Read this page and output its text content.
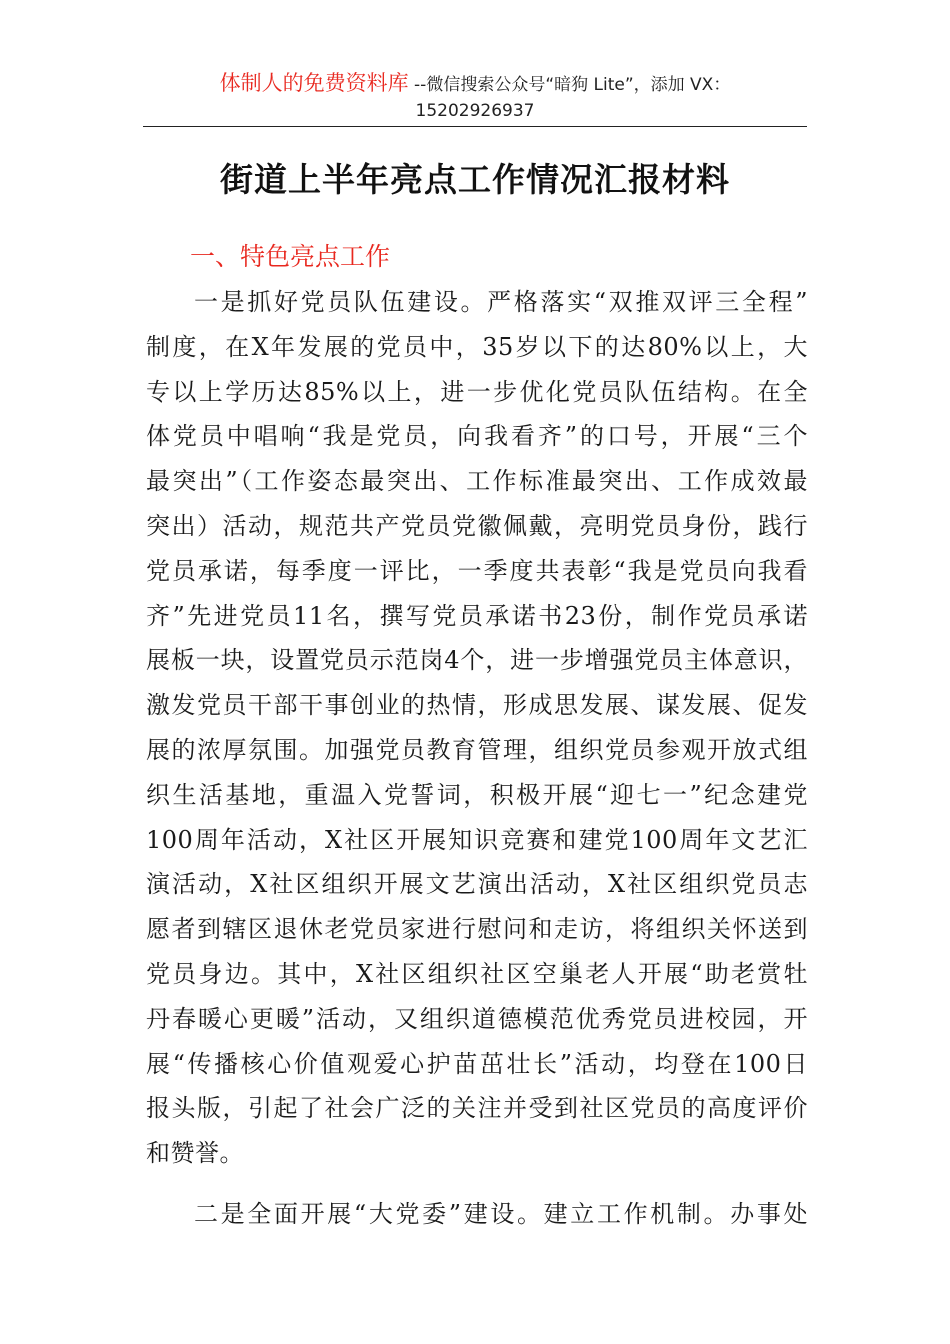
体制人的免费资料库 --微信搜索公众号“暗狗 Lite”，添加 VX：
15202926937
街道上半年亮点工作情况汇报材料
一、特色亮点工作
一是抓好党员队伍建设。严格落实“双推双评三全程”
制度，在X年发展的党员中，35岁以下的达80%以上，大
专以上学历达85%以上，进一步优化党员队伍结构。在全
体党员中唱响“我是党员，向我看齐”的口号，开展“三个
最突出”（工作姿态最突出、工作标准最突出、工作成效最
突出）活动，规范共产党员党徽佩戴，亮明党员身份，践行
党员承诺，每季度一评比，一季度共表彰“我是党员向我看
齐”先进党员11名，撰写党员承诺书23份，制作党员承诺
展板一块，设置党员示范岗4个，进一步增强党员主体意识，
激发党员干部干事创业的热情，形成思发展、谋发展、促发
展的浓厚氛围。加强党员教育管理，组织党员参观开放式组
织生活基地，重温入党誓词，积极开展“迎七一”纪念建党
100周年活动，X社区开展知识竞赛和建党100周年文艺汇
演活动，X社区组织开展文艺演出活动，X社区组织党员志
愿者到辖区退休老党员家进行慰问和走访，将组织关怀送到
党员身边。其中，X社区组织社区空巢老人开展“助老赏牡
丹春暖心更暖”活动，又组织道德模范优秀党员进校园，开
展“传播核心价值观爱心护苗茁壮长”活动，均登在100日
报头版，引起了社会广泛的关注并受到社区党员的高度评价
和赞誉。
二是全面开展“大党委”建设。建立工作机制。办事处
